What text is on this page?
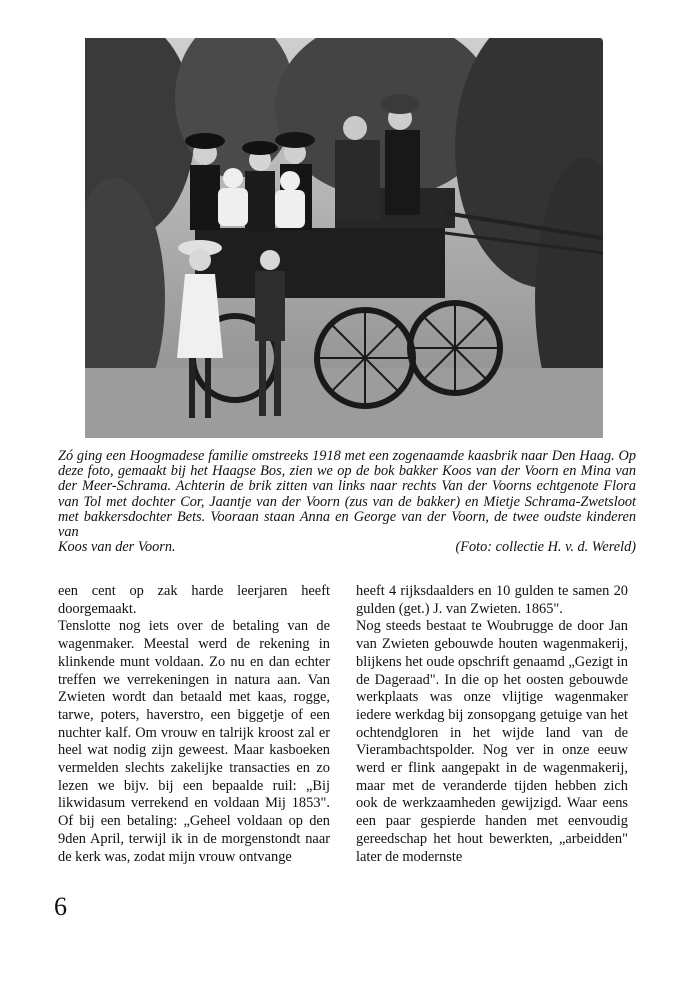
Zó ging een Hoogmadese familie omstreeks 1918 met een zogenaamde kaasbrik naar Den Haag. Op deze foto, gemaakt bij het Haagse Bos, zien we op de bok bakker Koos van der Voorn en Mina van der Meer-Schrama. Achterin de brik zitten van links naar rechts Van der Voorns echtgenote Flora van Tol met dochter Cor, Jaantje van der Voorn (zus van de bakker) en Mietje Schrama-Zwetsloot met bakkersdochter Bets. Vooraan staan Anna en George van der Voorn, de twee oudste kinderen van
Koos van der Voorn.	(Foto: collectie H. v. d. Wereld)

een cent op zak harde leerjaren heeft doorgemaakt.

Tenslotte nog iets over de betaling van de wagenmaker. Meestal werd de rekening in klinkende munt voldaan. Zo nu en dan echter treffen we verrekeningen in natura aan. Van Zwieten wordt dan betaald met kaas, rogge, tarwe, poters, haverstro, een biggetje of een nuchter kalf. Om vrouw en talrijk kroost zal er heel wat nodig zijn geweest. Maar kasboeken vermelden slechts zakelijke transacties en zo lezen we bijv. bij een bepaalde ruil: „Bij likwidasum verrekend en voldaan Mij 1853". Of bij een betaling: „Geheel voldaan op den 9den April, terwijl ik in de morgenstondt naar de kerk was, zodat mijn vrouw ontvange

heeft 4 rijksdaalders en 10 gulden te samen 20 gulden (get.) J. van Zwieten. 1865".

Nog steeds bestaat te Woubrugge de door Jan van Zwieten gebouwde houten wagenmakerij, blijkens het oude opschrift genaamd „Gezigt in de Dageraad". In die op het oosten gebouwde werkplaats was onze vlijtige wagenmaker iedere werkdag bij zonsopgang getuige van het ochtendgloren in het wijde land van de Vierambachtspolder. Nog ver in onze eeuw werd er flink aangepakt in de wagenmakerij, maar met de veranderde tijden hebben zich ook de werkzaamheden gewijzigd. Waar eens een paar gespierde handen met eenvoudig gereedschap het hout bewerkten, „arbeidden" later de modernste

6
